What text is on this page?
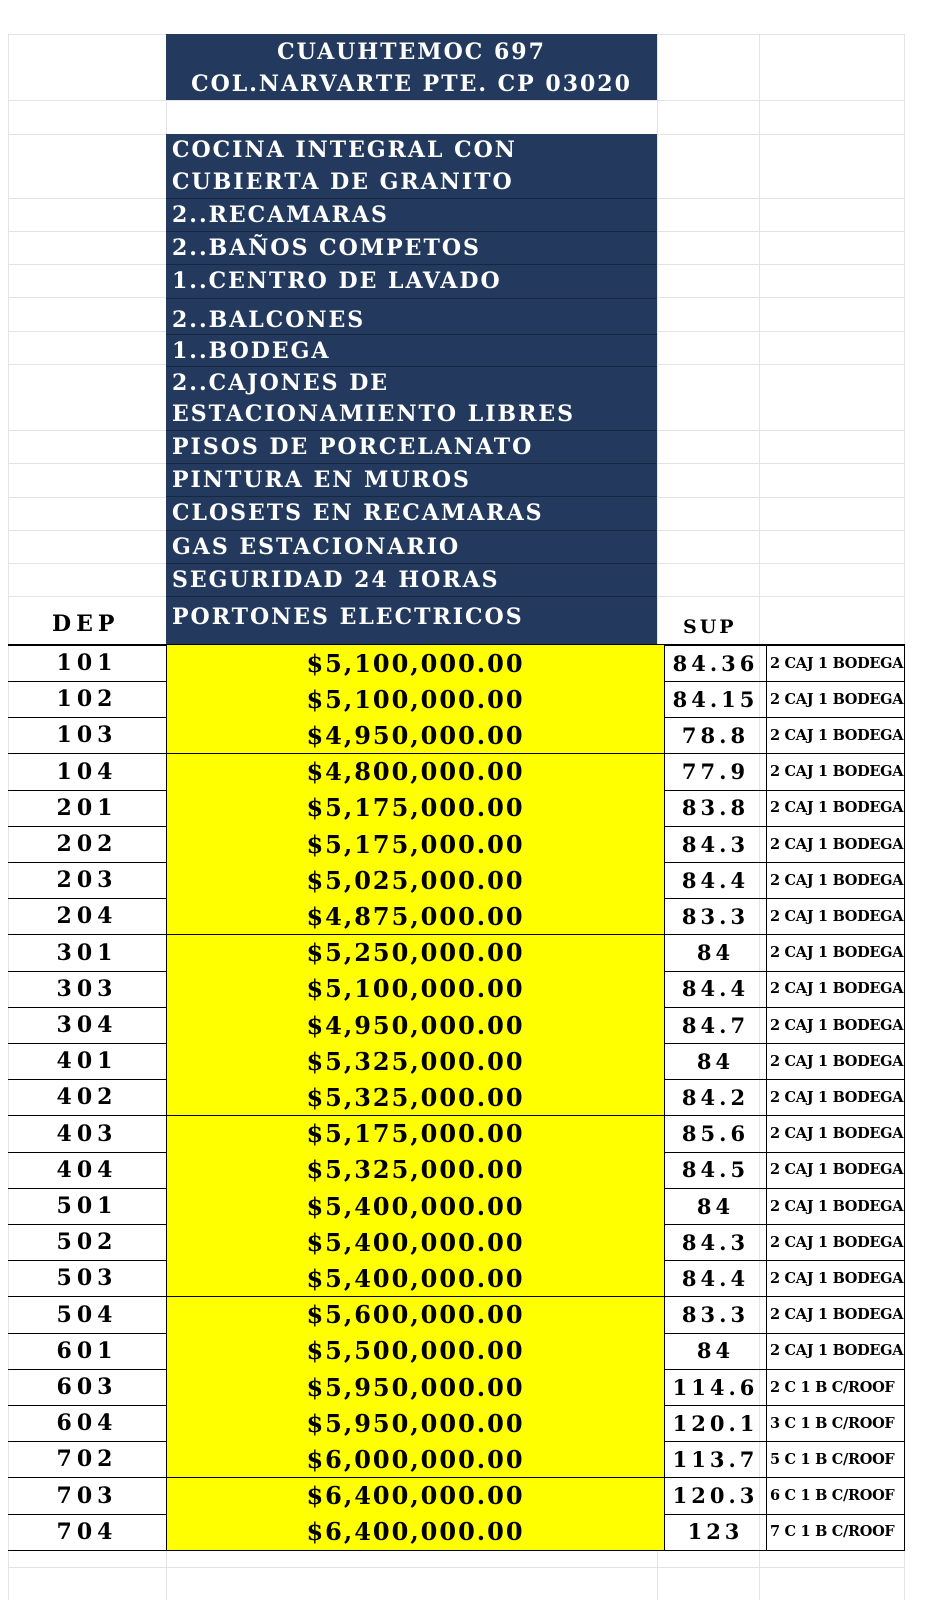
CUAUHTEMOC 697
COL.NARVARTE PTE. CP 03020
COCINA INTEGRAL CON
CUBIERTA DE GRANITO
2..RECAMARAS
2..BAÑOS COMPETOS
1..CENTRO DE LAVADO
2..BALCONES
1..BODEGA
2..CAJONES DE
ESTACIONAMIENTO LIBRES
PISOS DE PORCELANATO
PINTURA EN MUROS
CLOSETS EN RECAMARAS
GAS ESTACIONARIO
SEGURIDAD 24 HORAS
PORTONES ELECTRICOS
DEP	SUP
101	$5,100,000.00	84.36 2 CAJ 1 BODEGA
102	$5,100,000.00	84.15 2 CAJ 1 BODEGA
103	$4,950,000.00	78.8	2 CAJ 1 BODEGA
104	$4,800,000.00	77.9	2 CAJ 1 BODEGA
201	$5,175,000.00	83.8	2 CAJ 1 BODEGA
202	$5,175,000.00	84.3	2 CAJ 1 BODEGA
203	$5,025,000.00	84.4	2 CAJ 1 BODEGA
204	$4,875,000.00	83.3	2 CAJ 1 BODEGA
301	$5,250,000.00	84	2 CAJ 1 BODEGA
303	$5,100,000.00	84.4	2 CAJ 1 BODEGA
304	$4,950,000.00	84.7	2 CAJ 1 BODEGA
401	$5,325,000.00	84	2 CAJ 1 BODEGA
402	$5,325,000.00	84.2	2 CAJ 1 BODEGA
403	$5,175,000.00	85.6	2 CAJ 1 BODEGA
404	$5,325,000.00	84.5	2 CAJ 1 BODEGA
501	$5,400,000.00	84	2 CAJ 1 BODEGA
502	$5,400,000.00	84.3	2 CAJ 1 BODEGA
503	$5,400,000.00	84.4	2 CAJ 1 BODEGA
504	$5,600,000.00	83.3	2 CAJ 1 BODEGA
601	$5,500,000.00	84	2 CAJ 1 BODEGA
603	$5,950,000.00	114.6 2 C 1 B C/ROOF
604	$5,950,000.00	120.1 3 C 1 B C/ROOF
702	$6,000,000.00	113.7 5 C 1 B C/ROOF
703	$6,400,000.00	120.3 6 C 1 B C/ROOF
704	$6,400,000.00	123	7 C 1 B C/ROOF
